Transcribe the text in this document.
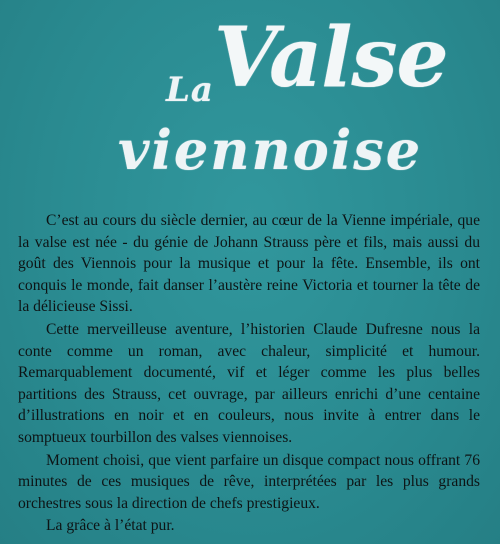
La Valse
viennoise

C’est au cours du siècle dernier, au cœur de la Vienne impériale, que la valse est née - du génie de Johann Strauss père et fils, mais aussi du goût des Viennois pour la musique et pour la fête. Ensemble, ils ont conquis le monde, fait danser l’austère reine Victoria et tourner la tête de la délicieuse Sissi.

Cette merveilleuse aventure, l’historien Claude Dufresne nous la conte comme un roman, avec chaleur, simplicité et humour. Remarquablement documenté, vif et léger comme les plus belles partitions des Strauss, cet ouvrage, par ailleurs enrichi d’une centaine d’illustrations en noir et en couleurs, nous invite à entrer dans le somptueux tourbillon des valses viennoises.

Moment choisi, que vient parfaire un disque compact nous offrant 76 minutes de ces musiques de rêve, interprétées par les plus grands orchestres sous la direction de chefs prestigieux.

La grâce à l’état pur.
